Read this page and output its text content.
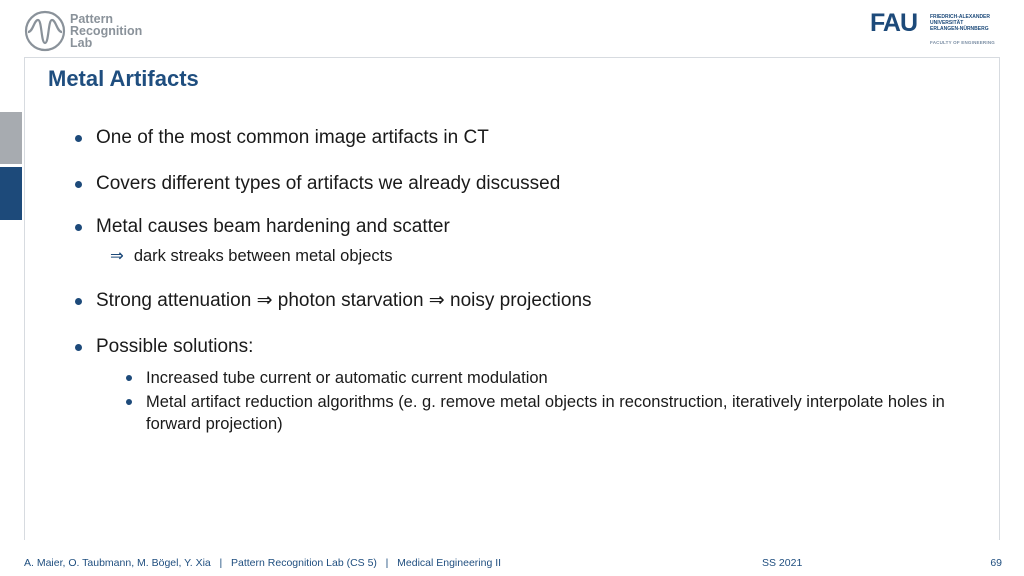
Pattern
Recognition
Lab
FAU	FRIEDRICH-ALEXANDER
UNIVERSITÄT
ERLANGEN-NÜRNBERG
FACULTY OF ENGINEERING
Metal Artifacts
One of the most common image artifacts in CT
Covers different types of artifacts we already discussed
Metal causes beam hardening and scatter
⇒ dark streaks between metal objects
Strong attenuation ⇒ photon starvation ⇒ noisy projections
Possible solutions:
Increased tube current or automatic current modulation
Metal artifact reduction algorithms (e. g. remove metal objects in reconstruction, iteratively interpolate holes in forward projection)
A. Maier, O. Taubmann, M. Bögel, Y. Xia   |   Pattern Recognition Lab (CS 5)   |   Medical Engineering II	SS 2021	69
